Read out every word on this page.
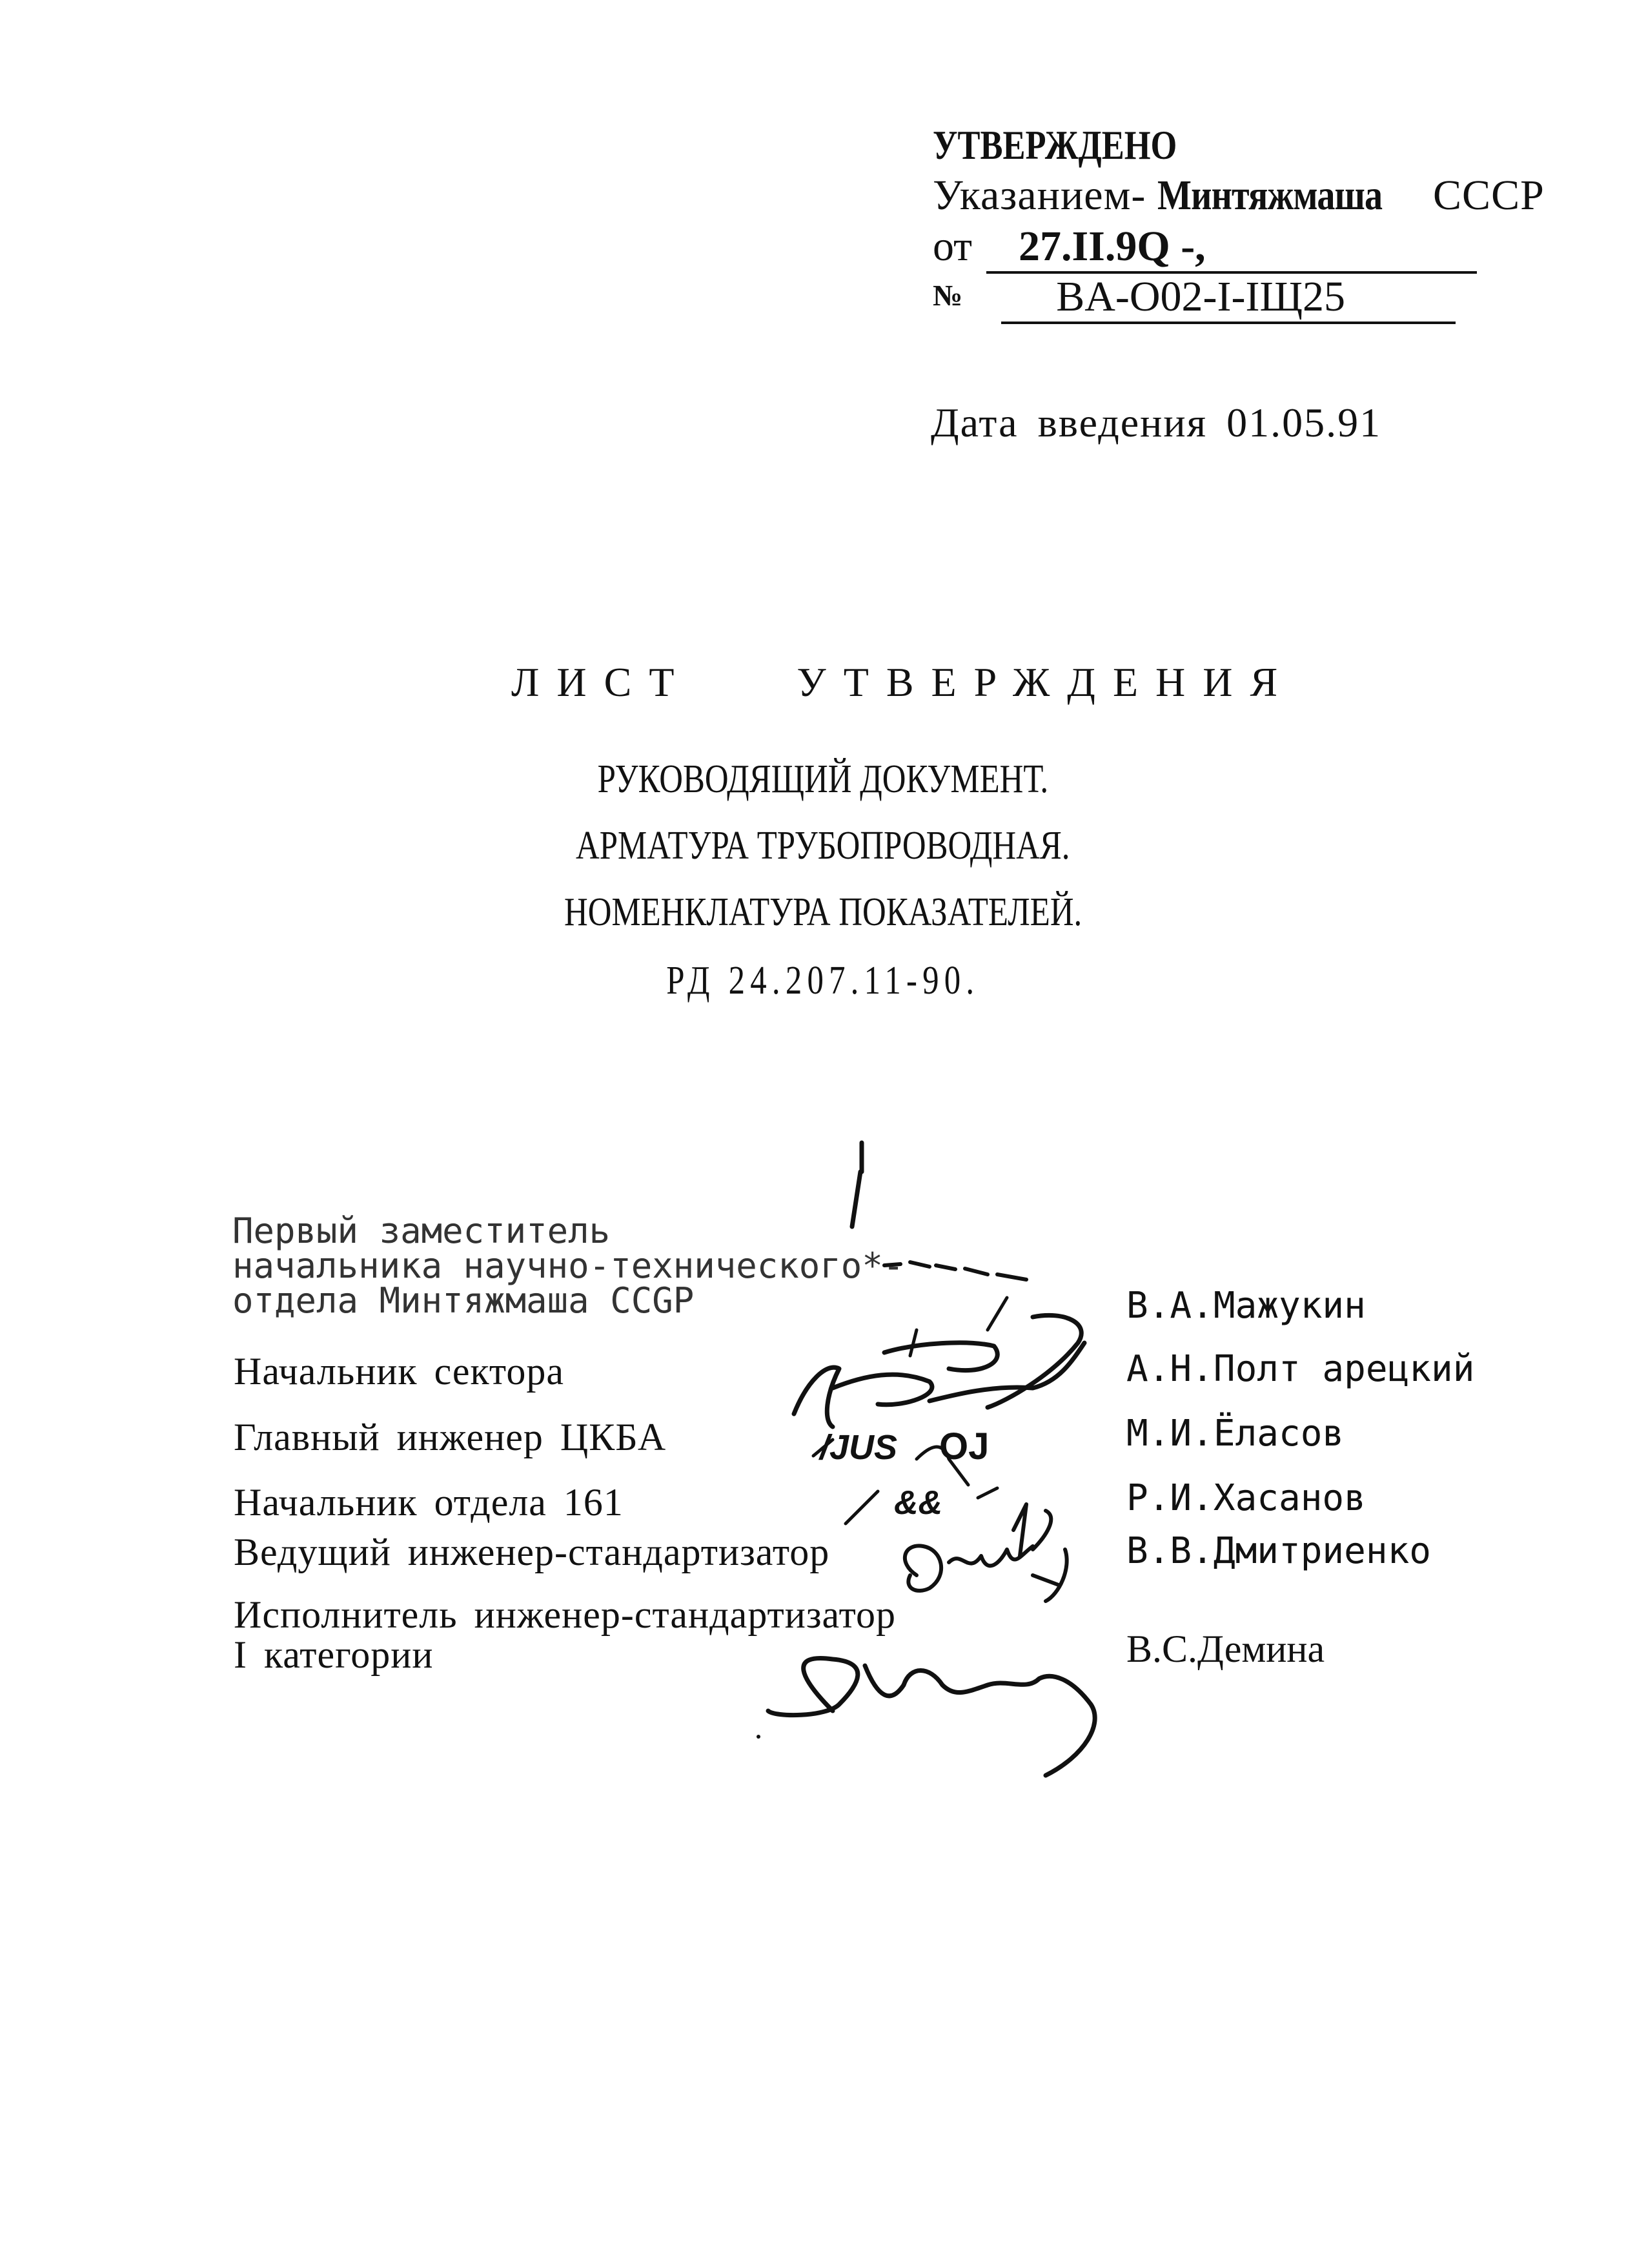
УТВЕРЖДЕНО
Указанием- Минтяжмаша СССР
от 27.II.9Q -,
№ BA-O02-I-IЩ25
Дата введения 01.05.91
ЛИСТ УТВЕРЖДЕНИЯ
РУКОВОДЯЩИЙ ДОКУМЕНТ.
АРМАТУРА ТРУБОПРОВОДНАЯ.
НОМЕНКЛАТУРА ПОКАЗАТЕЛЕЙ.
РД 24.207.11-90.
Первый заместитель
начальника научно-технического*-
отдела Минтяжмаша CCGP	В.А.Мажукин
Начальник сектора	А.Н.Полт арецкий
Главный инженер ЦКБА	М.И.Ёласов
Начальник отдела 161	Р.И.Хасанов
Ведущий инженер-стандартизатор	В.В.Дмитриенко
Исполнитель инженер-стандартизатор
I категории	В.С.Демина
/JUS OJ
&&
